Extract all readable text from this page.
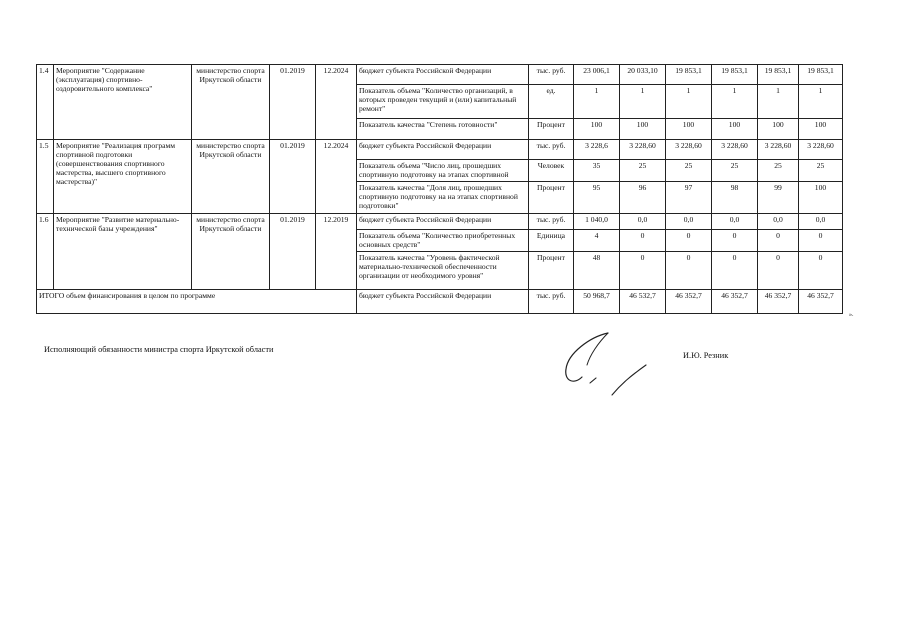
1.4	Мероприятие "Содержание (эксплуатация) спортивно-оздоровительного комплекса"	министерство спорта Иркутской области	01.2019	12.2024	бюджет субъекта Российской Федерации	тыс. руб.	23 006,1	20 033,10	19 853,1	19 853,1	19 853,1	19 853,1
					Показатель объема "Количество организаций, в которых проведен текущий и (или) капитальный ремонт"	ед.	1	1	1	1	1	1
					Показатель качества "Степень готовности"	Процент	100	100	100	100	100	100
1.5	Мероприятие "Реализация программ спортивной подготовки (совершенствования спортивного мастерства, высшего спортивного мастерства)"	министерство спорта Иркутской области	01.2019	12.2024	бюджет субъекта Российской Федерации	тыс. руб.	3 228,6	3 228,60	3 228,60	3 228,60	3 228,60	3 228,60
					Показатель объема "Число лиц, прошедших спортивную подготовку на этапах спортивной	Человек	35	25	25	25	25	25
					Показатель качества "Доля лиц, прошедших спортивную подготовку на на этапах спортивной подготовки"	Процент	95	96	97	98	99	100
1.6	Мероприятие "Развитие материально-технической базы учреждения"	министерство спорта Иркутской области	01.2019	12.2019	бюджет субъекта Российской Федерации	тыс. руб.	1 040,0	0,0	0,0	0,0	0,0	0,0
					Показатель объема "Количество приобретенных основных средств"	Единица	4	0	0	0	0	0
					Показатель качества "Уровень фактической материально-технической обеспеченности организации от необходимого уровня"	Процент	48	0	0	0	0	0
ИТОГО объем финансирования в целом по программе					бюджет субъекта Российской Федерации	тыс. руб.	50 968,7	46 532,7	46 352,7	46 352,7	46 352,7	46 352,7
».
Исполняющий обязанности министра спорта Иркутской области
И.Ю. Резник
